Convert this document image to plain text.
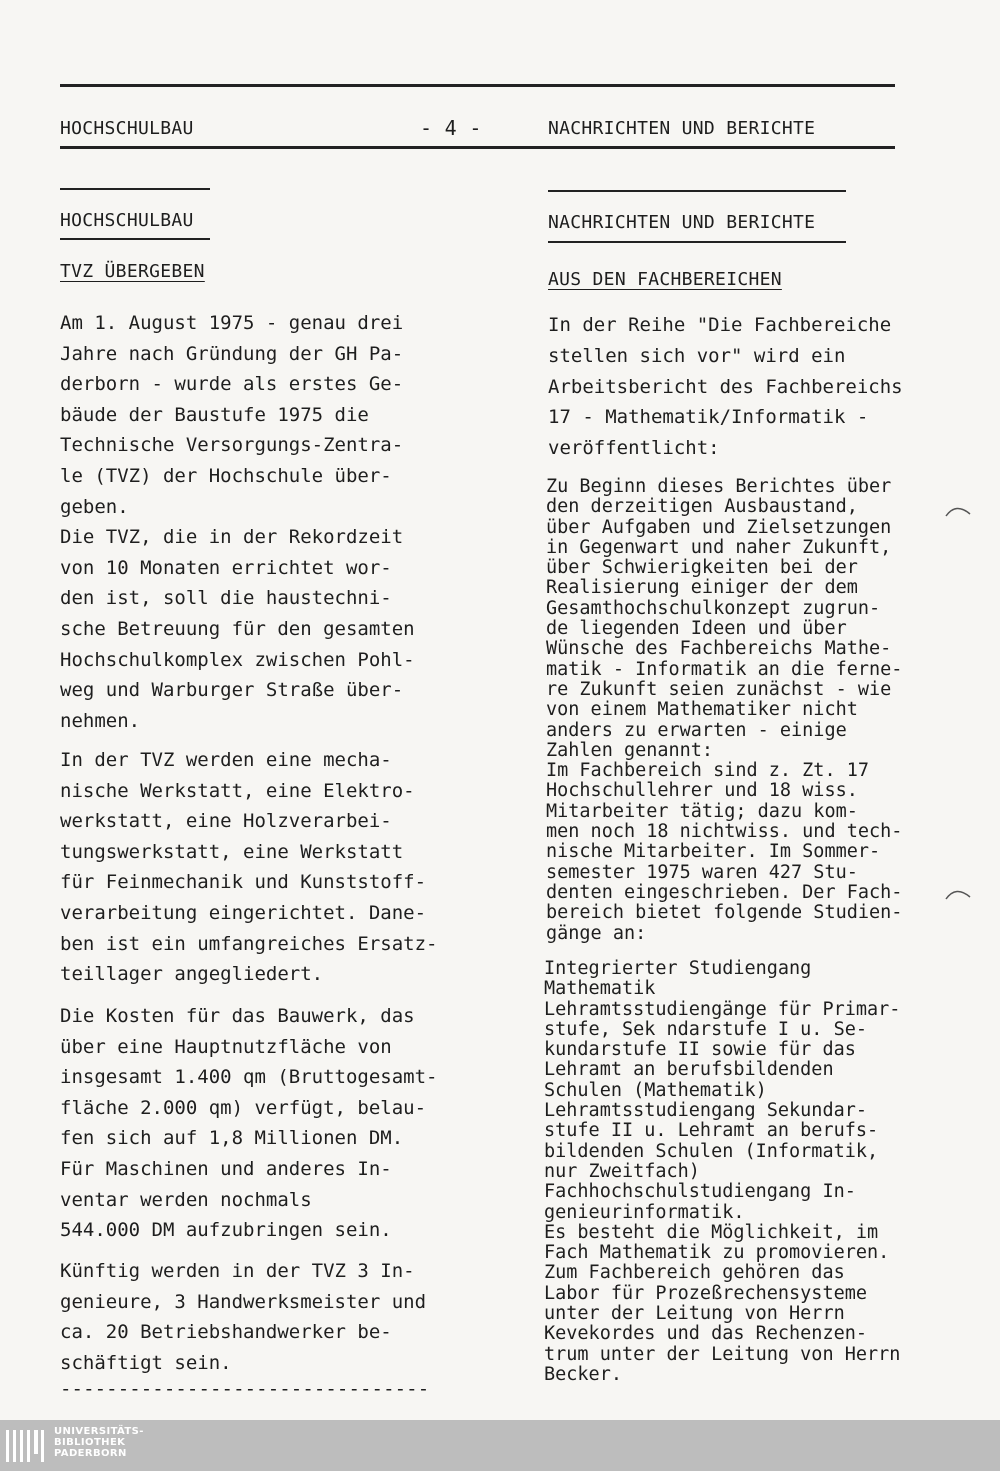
HOCHSCHULBAU	- 4 -	NACHRICHTEN UND BERICHTE
HOCHSCHULBAU
TVZ ÜBERGEBEN
NACHRICHTEN UND BERICHTE
AUS DEN FACHBEREICHEN

Am 1. August 1975 - genau drei

Jahre nach Gründung der GH Pa-

derborn - wurde als erstes Ge-

bäude der Baustufe 1975 die

Technische Versorgungs-Zentra-

le (TVZ) der Hochschule über-

geben.

Die TVZ, die in der Rekordzeit

von 10 Monaten errichtet wor-

den ist, soll die haustechni-

sche Betreuung für den gesamten

Hochschulkomplex zwischen Pohl-

weg und Warburger Straße über-

nehmen.

In der TVZ werden eine mecha-

nische Werkstatt, eine Elektro-

werkstatt, eine Holzverarbei-

tungswerkstatt, eine Werkstatt

für Feinmechanik und Kunststoff-

verarbeitung eingerichtet. Dane-

ben ist ein umfangreiches Ersatz-

teillager angegliedert.

Die Kosten für das Bauwerk, das

über eine Hauptnutzfläche von

insgesamt 1.400 qm (Bruttogesamt-

fläche 2.000 qm) verfügt, belau-

fen sich auf 1,8 Millionen DM.

Für Maschinen und anderes In-

ventar werden nochmals

544.000 DM aufzubringen sein.

Künftig werden in der TVZ 3 In-

genieure, 3 Handwerksmeister und

ca. 20 Betriebshandwerker be-

schäftigt sein.

--------------------------------

In der Reihe "Die Fachbereiche

stellen sich vor" wird ein

Arbeitsbericht des Fachbereichs

17 - Mathematik/Informatik -

veröffentlicht:

Zu Beginn dieses Berichtes über

den derzeitigen Ausbaustand,

über Aufgaben und Zielsetzungen

in Gegenwart und naher Zukunft,

über Schwierigkeiten bei der

Realisierung einiger der dem

Gesamthochschulkonzept zugrun-

de liegenden Ideen und über

Wünsche des Fachbereichs Mathe-

matik - Informatik an die ferne-

re Zukunft seien zunächst - wie

von einem Mathematiker nicht

anders zu erwarten - einige

Zahlen genannt:

Im Fachbereich sind z. Zt. 17

Hochschullehrer und 18 wiss.

Mitarbeiter tätig; dazu kom-

men noch 18 nichtwiss. und tech-

nische Mitarbeiter. Im Sommer-

semester 1975 waren 427 Stu-

denten eingeschrieben. Der Fach-

bereich bietet folgende Studien-

gänge an:

Integrierter Studiengang

Mathematik

Lehramtsstudiengänge für Primar-

stufe, Sek ndarstufe I u. Se-

kundarstufe II sowie für das

Lehramt an berufsbildenden

Schulen (Mathematik)

Lehramtsstudiengang Sekundar-

stufe II u. Lehramt an berufs-

bildenden Schulen (Informatik,

nur Zweitfach)

Fachhochschulstudiengang In-

genieurinformatik.

Es besteht die Möglichkeit, im

Fach Mathematik zu promovieren.

Zum Fachbereich gehören das

Labor für Prozeßrechensysteme

unter der Leitung von Herrn

Kevekordes und das Rechenzen-

trum unter der Leitung von Herrn

Becker.

UNIVERSITÄTS-
BIBLIOTHEK
PADERBORN
